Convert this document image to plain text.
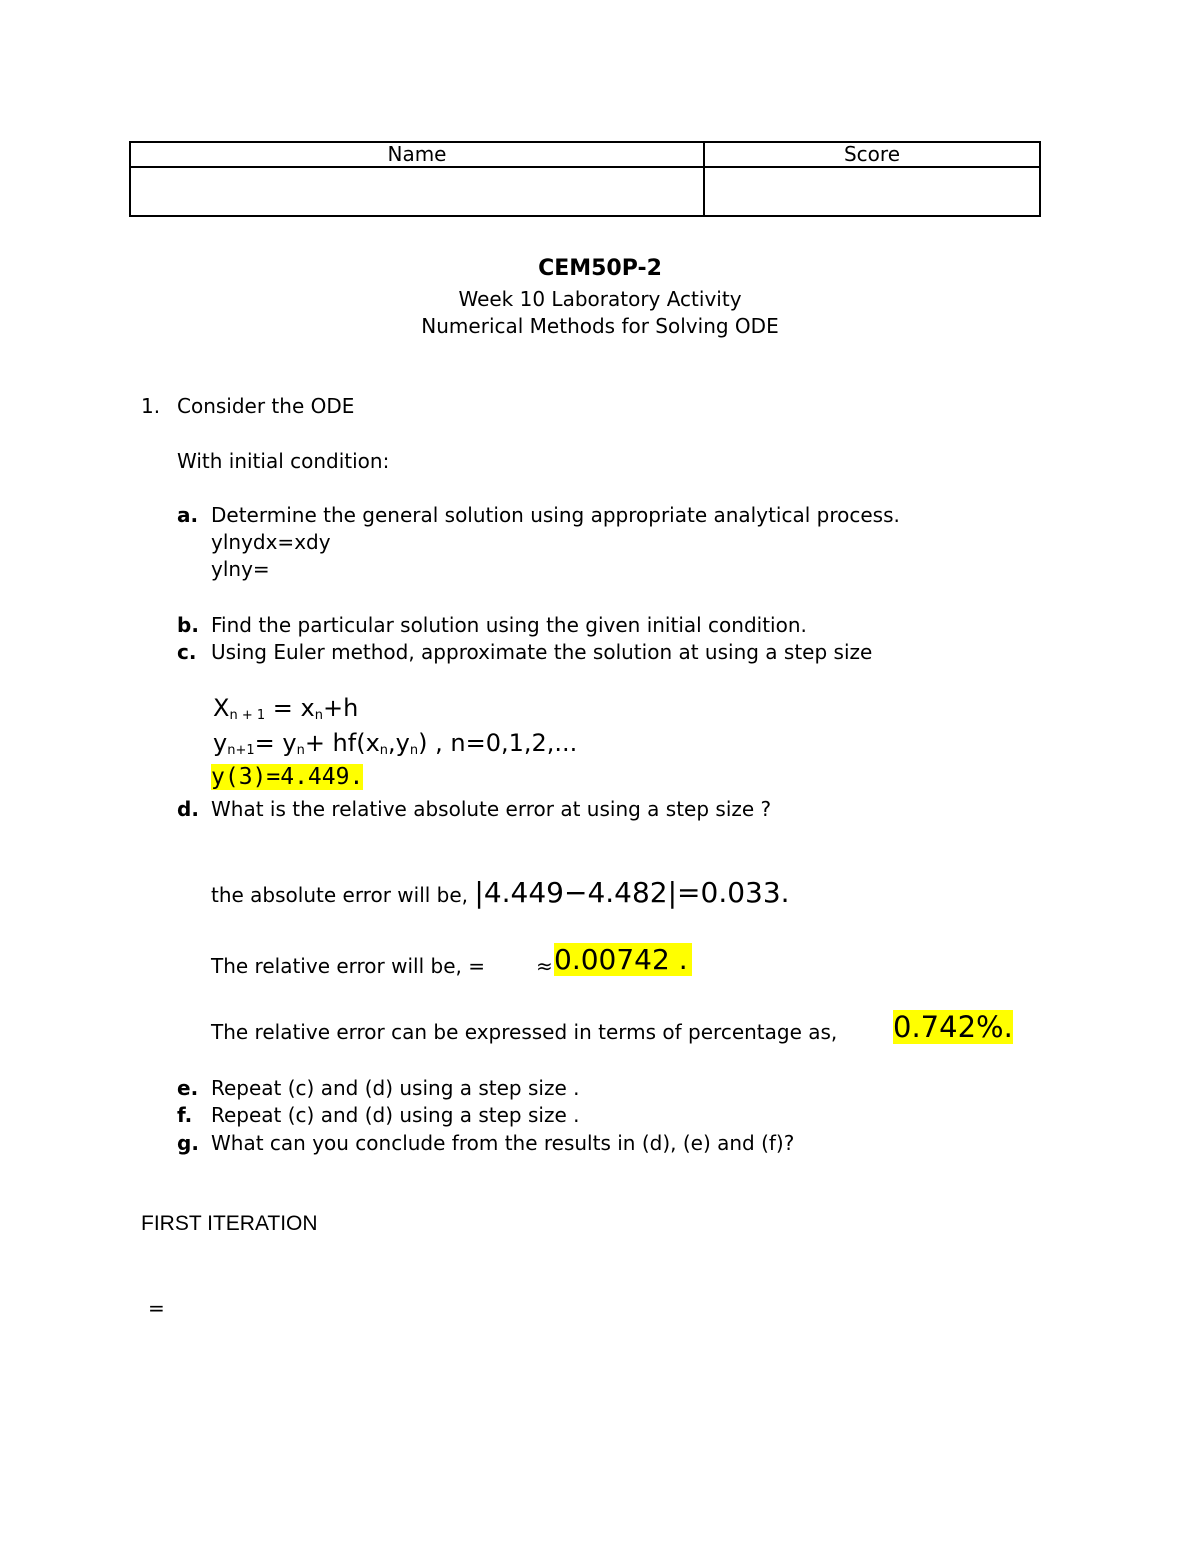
Name	Score

CEM50P-2
Week 10 Laboratory Activity
Numerical Methods for Solving ODE
1. Consider the ODE
With initial condition:
a. Determine the general solution using appropriate analytical process.
ylnydx=xdy
ylny=
b. Find the particular solution using the given initial condition.
c. Using Euler method, approximate the solution at using a step size
$X_{n + 1} = x_n+h$
$y_{n+1}= y_n+ hf(x_n,y_n)$ , n=0,1,2,...
y(3)=4.449.
d. What is the relative absolute error at using a step size ?
the absolute error will be, |4.449−4.482|=0.033.
The relative error will be, =	≈ 0.00742 .
The relative error can be expressed in terms of percentage as, 0.742%.
e. Repeat (c) and (d) using a step size .
f. Repeat (c) and (d) using a step size .
g. What can you conclude from the results in (d), (e) and (f)?
FIRST ITERATION
=
